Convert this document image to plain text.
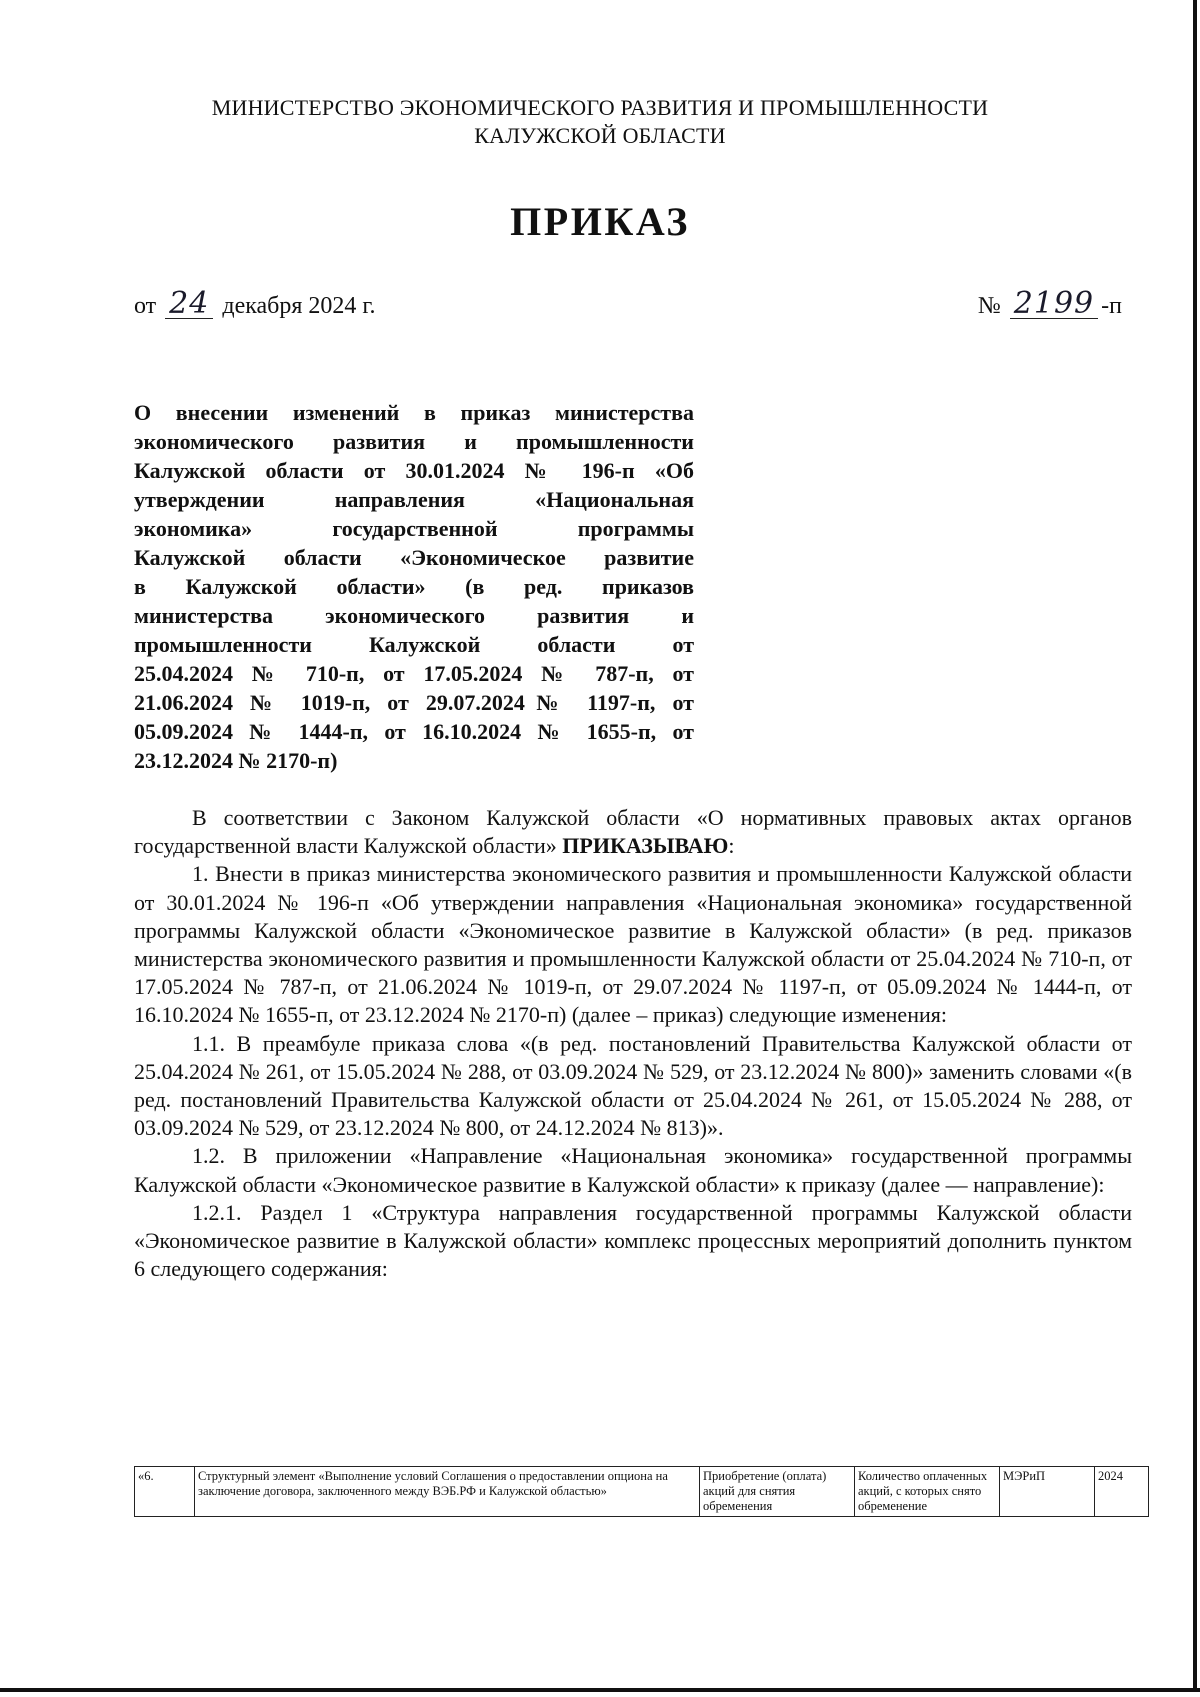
МИНИСТЕРСТВО ЭКОНОМИЧЕСКОГО РАЗВИТИЯ И ПРОМЫШЛЕННОСТИ
КАЛУЖСКОЙ ОБЛАСТИ
ПРИКАЗ
от 24 декабря 2024 г.	№ 2199 -п
О внесении изменений в приказ министерства
экономического развития и промышленности
Калужской области от 30.01.2024 № 196-п «Об
утверждении направления «Национальная
экономика» государственной программы
Калужской области «Экономическое развитие
в Калужской области» (в ред. приказов
министерства экономического развития и
промышленности Калужской области от
25.04.2024 № 710-п, от 17.05.2024 № 787-п, от
21.06.2024 № 1019-п, от 29.07.2024№ 1197-п, от
05.09.2024 № 1444-п, от 16.10.2024 № 1655-п, от
23.12.2024 № 2170-п)

В соответствии с Законом Калужской области «О нормативных правовых актах органов государственной власти Калужской области» ПРИКАЗЫВАЮ:

1. Внести в приказ министерства экономического развития и промышленности Калужской области от 30.01.2024 № 196-п «Об утверждении направления «Национальная экономика» государственной программы Калужской области «Экономическое развитие в Калужской области» (в ред. приказов министерства экономического развития и промышленности Калужской области от 25.04.2024 № 710-п, от 17.05.2024 № 787-п, от 21.06.2024 № 1019-п, от 29.07.2024 № 1197-п, от 05.09.2024 № 1444-п, от 16.10.2024 № 1655-п, от 23.12.2024 № 2170-п) (далее – приказ) следующие изменения:

1.1. В преамбуле приказа слова «(в ред. постановлений Правительства Калужской области от 25.04.2024 № 261, от 15.05.2024 № 288, от 03.09.2024 № 529, от 23.12.2024 № 800)» заменить словами «(в ред. постановлений Правительства Калужской области от 25.04.2024 № 261, от 15.05.2024 № 288, от 03.09.2024 № 529, от 23.12.2024 № 800, от 24.12.2024 № 813)».

1.2. В приложении «Направление «Национальная экономика» государственной программы Калужской области «Экономическое развитие в Калужской области» к приказу (далее — направление):

1.2.1. Раздел 1 «Структура направления государственной программы Калужской области «Экономическое развитие в Калужской области» комплекс процессных мероприятий дополнить пунктом 6 следующего содержания:

«6.	Структурный элемент «Выполнение условий Соглашения о предоставлении опциона на заключение договора, заключенного между ВЭБ.РФ и Калужской областью»	Приобретение (оплата) акций для снятия обременения	Количество оплаченных акций, с которых снято обременение	МЭРиП	2024
